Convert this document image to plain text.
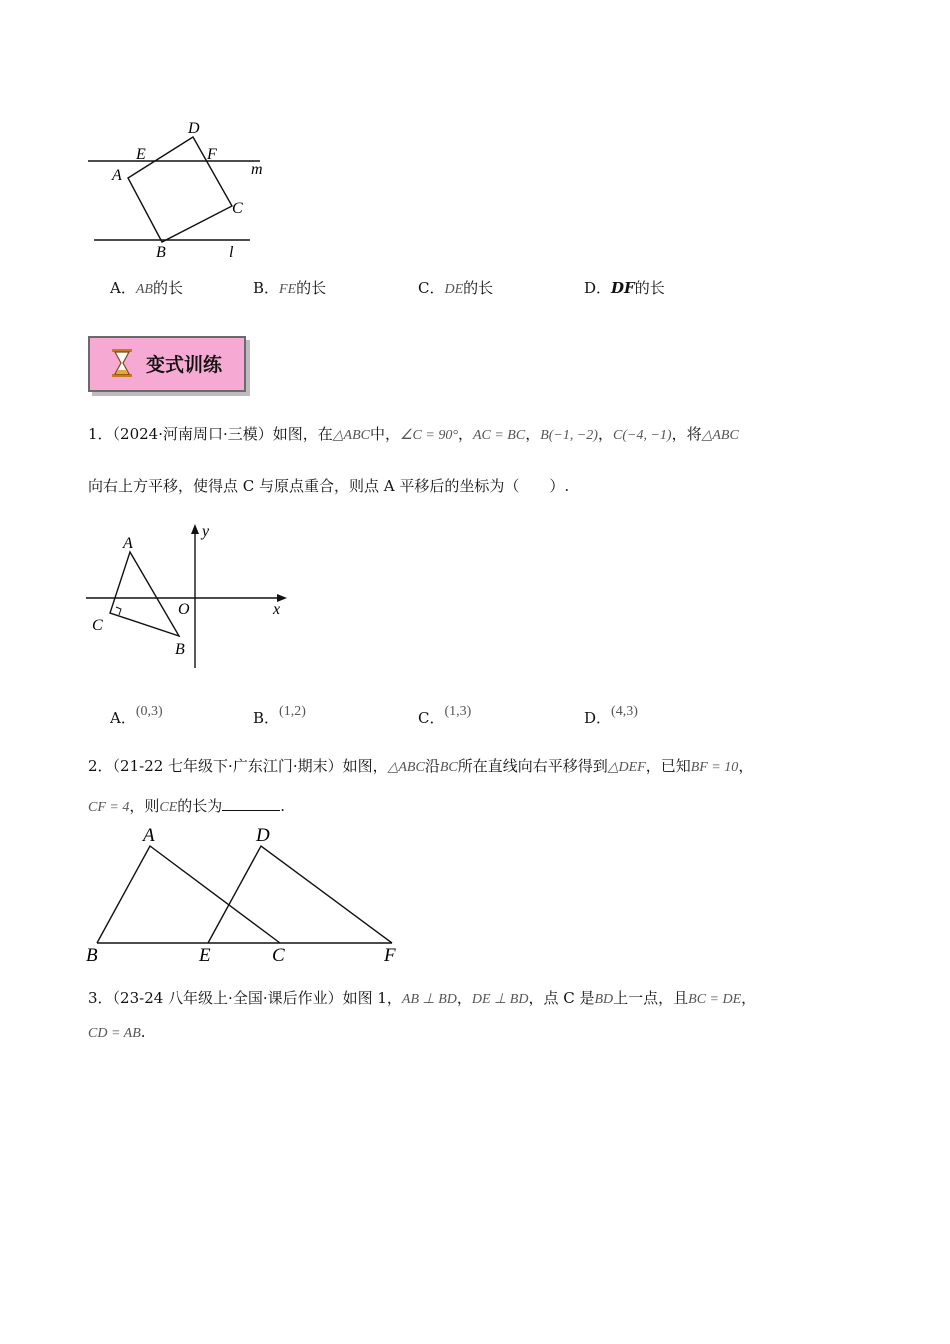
D
E	F
A	m
C
B	l
A．AB的长	B．FE的长	C．DE的长	D．DF的长
变式训练
1．（2024·河南周口·三模）如图，在△ABC中，∠C = 90°，AC = BC，B(−1, −2)，C(−4, −1)，将△ABC
向右上方平移，使得点 C 与原点重合，则点 A 平移后的坐标为（　　）.
y
A
O	x
C
B
A．(0,3)	B．(1,2)	C．(1,3)	D．(4,3)
2．（21-22 七年级下·广东江门·期末）如图，△ABC沿BC所在直线向右平移得到△DEF，已知BF = 10，
CF = 4，则CE的长为	.
A	D
B	E	C	F
3．（23-24 八年级上·全国·课后作业）如图 1，AB ⊥ BD，DE ⊥ BD，点 C 是BD上一点，且BC = DE，
CD = AB.
